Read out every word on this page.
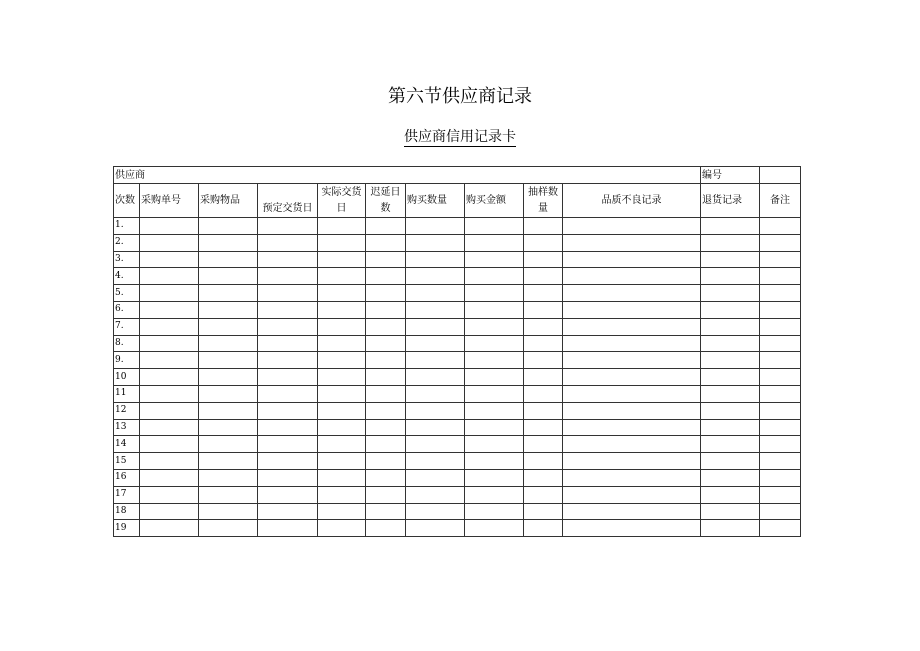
第六节供应商记录
供应商信用记录卡
供应商										编号	
次数	采购单号	采购物品	预定交货日	实际交货日	迟延日数	购买数量	购买金额	抽样数量	品质不良记录	退货记录	备注
1.											
2.											
3.											
4.											
5.											
6.											
7.											
8.											
9.											
10											
11											
12											
13											
14											
15											
16											
17											
18											
19											
